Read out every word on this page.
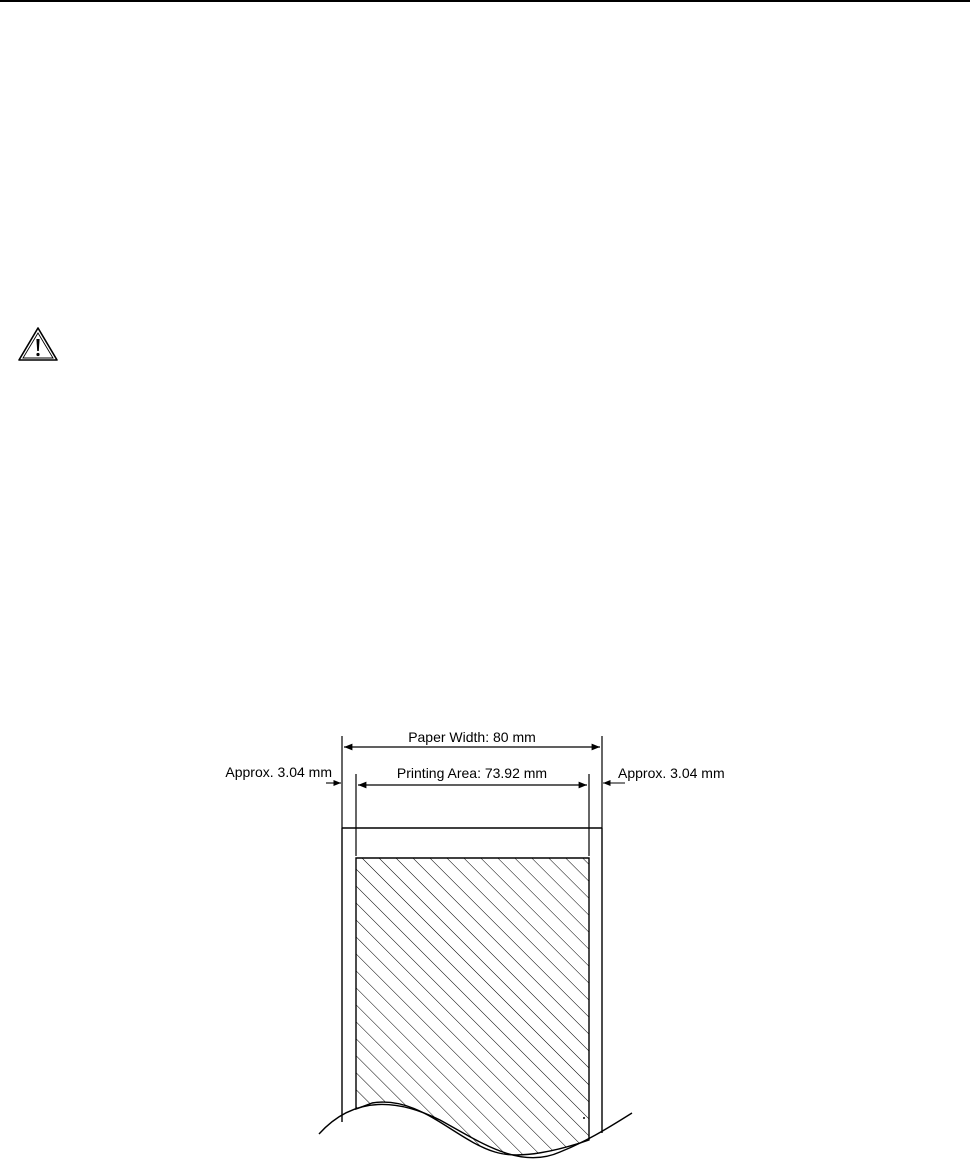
Paper Width: 80 mm
Printing Area: 73.92 mm
Approx. 3.04 mm	Approx. 3.04 mm
